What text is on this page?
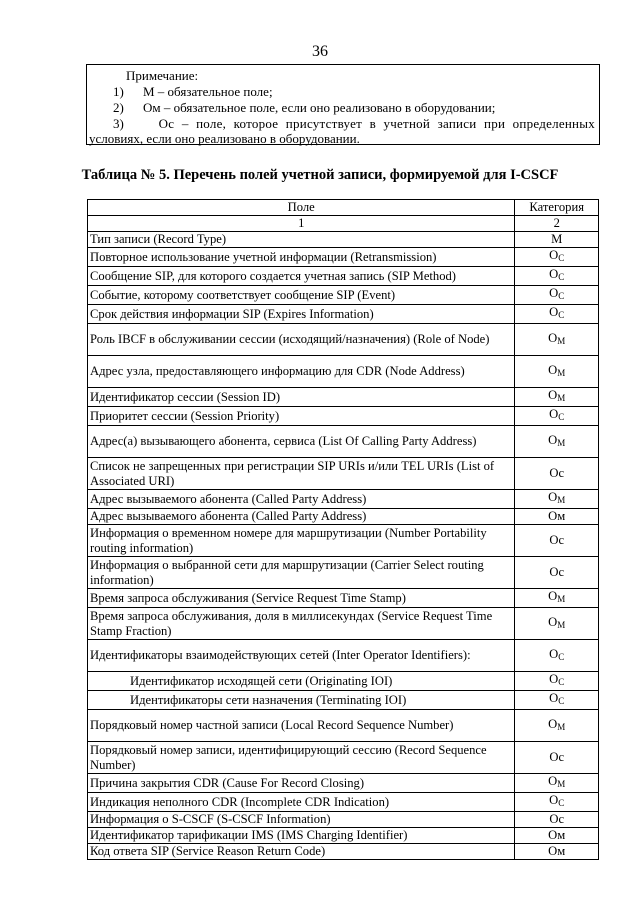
36
Примечание:
1) М – обязательное поле;
2) Ом – обязательное поле, если оно реализовано в оборудовании;
3)	Ос – поле, которое присутствует в учетной записи при определенных
условиях, если оно реализовано в оборудовании.
Таблица № 5. Перечень полей учетной записи, формируемой для I-CSCF
Поле	Категория
1	2
Тип записи (Record Type)	M
Повторное использование учетной информации (Retransmission)	$O_C$
Сообщение SIP, для которого создается учетная запись (SIP Method)	$O_C$
Событие, которому соответствует сообщение SIP (Event)	$O_C$
Срок действия информации SIP (Expires Information)	$O_C$
Роль IBCF в обслуживании сессии (исходящий/назначения) (Role of Node)	$O_M$
Адрес узла, предоставляющего информацию для CDR (Node Address)	$O_M$
Идентификатор сессии (Session ID)	$O_M$
Приоритет сессии (Session Priority)	$O_C$
Адрес(а) вызывающего абонента, сервиса (List Of Calling Party Address)	$O_M$
Список не запрещенных при регистрации SIP URIs и/или TEL URIs (List of Associated URI)	Oc
Адрес вызываемого абонента (Called Party Address)	$O_M$
Адрес вызываемого абонента (Called Party Address)	Ом
Информация о временном номере для маршрутизации (Number Portability routing information)	Oc
Информация о выбранной сети для маршрутизации (Carrier Select routing information)	Oc
Время запроса обслуживания (Service Request Time Stamp)	$O_M$
Время запроса обслуживания, доля в миллисекундах (Service Request Time Stamp Fraction)	$O_M$
Идентификаторы взаимодействующих сетей (Inter Operator Identifiers):	$O_C$
Идентификатор исходящей сети (Originating IOI)	$O_C$
Идентификаторы сети назначения (Terminating IOI)	$O_C$
Порядковый номер частной записи (Local Record Sequence Number)	$O_M$
Порядковый номер записи, идентифицирующий сессию (Record Sequence Number)	Oc
Причина закрытия CDR (Cause For Record Closing)	$O_M$
Индикация неполного CDR (Incomplete CDR Indication)	$O_C$
Информация о S-CSCF (S-CSCF Information)	Oc
Идентификатор тарификации IMS (IMS Charging Identifier)	Ом
Код ответа SIP (Service Reason Return Code)	Ом
